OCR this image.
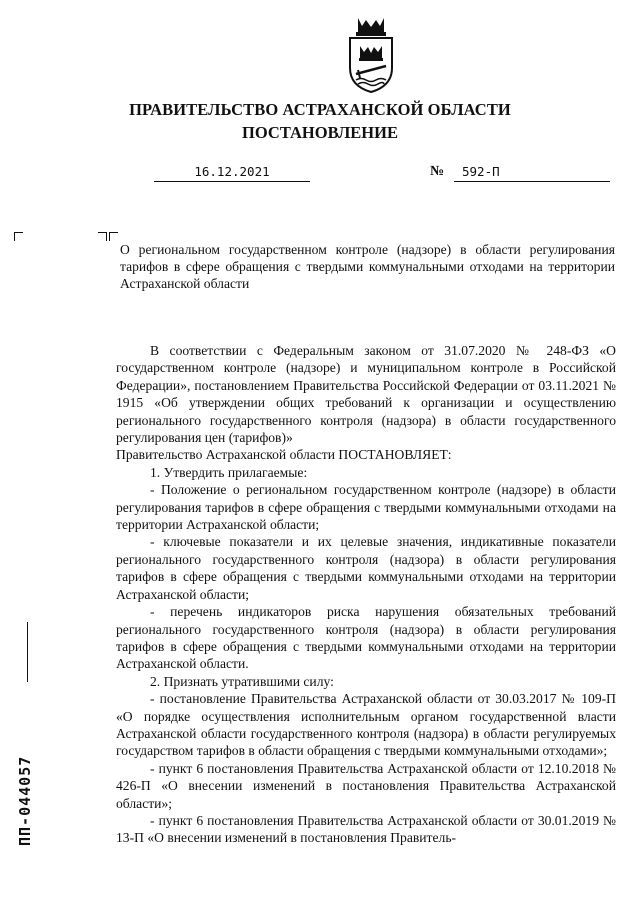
ПРАВИТЕЛЬСТВО АСТРАХАНСКОЙ ОБЛАСТИ
ПОСТАНОВЛЕНИЕ
16.12.2021	№	592-П
О региональном государственном контроле (надзоре) в области регулирования тарифов в сфере обращения с твердыми коммунальными отходами на территории Астраханской области

В соответствии с Федеральным законом от 31.07.2020 № 248-ФЗ «О государственном контроле (надзоре) и муниципальном контроле в Российской Федерации», постановлением Правительства Российской Федерации от 03.11.2021 № 1915 «Об утверждении общих требований к организации и осуществлению регионального государственного контроля (надзора) в области государственного регулирования цен (тарифов)»

Правительство Астраханской области ПОСТАНОВЛЯЕТ:

1. Утвердить прилагаемые:

- Положение о региональном государственном контроле (надзоре) в области регулирования тарифов в сфере обращения с твердыми коммунальными отходами на территории Астраханской области;

- ключевые показатели и их целевые значения, индикативные показатели регионального государственного контроля (надзора) в области регулирования тарифов в сфере обращения с твердыми коммунальными отходами на территории Астраханской области;

- перечень индикаторов риска нарушения обязательных требований регионального государственного контроля (надзора) в области регулирования тарифов в сфере обращения с твердыми коммунальными отходами на территории Астраханской области.

2. Признать утратившими силу:

- постановление Правительства Астраханской области от 30.03.2017 № 109-П «О порядке осуществления исполнительным органом государственной власти Астраханской области государственного контроля (надзора) в области регулируемых государством тарифов в области обращения с твердыми коммунальными отходами»;

- пункт 6 постановления Правительства Астраханской области от 12.10.2018 № 426-П «О внесении изменений в постановления Правительства Астраханской области»;

- пункт 6 постановления Правительства Астраханской области от 30.01.2019 № 13-П «О внесении изменений в постановления Правитель-

ПП-044057
